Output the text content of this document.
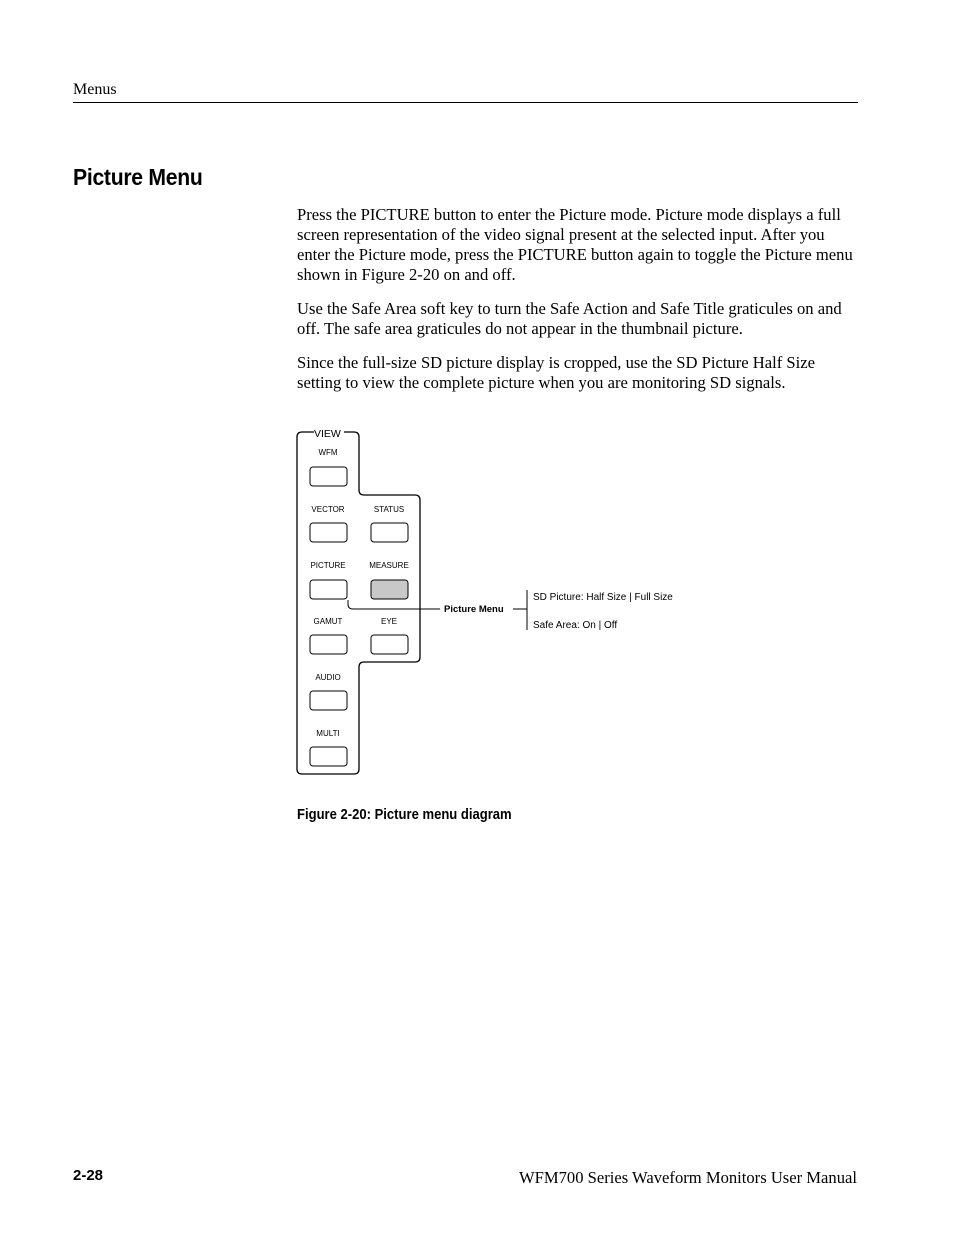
Menus
Picture Menu

Press the PICTURE button to enter the Picture mode. Picture mode displays a full screen representation of the video signal present at the selected input. After you enter the Picture mode, press the PICTURE button again to toggle the Picture menu shown in Figure 2-20 on and off.

Use the Safe Area soft key to turn the Safe Action and Safe Title graticules on and off. The safe area graticules do not appear in the thumbnail picture.

Since the full-size SD picture display is cropped, use the SD Picture Half Size setting to view the complete picture when you are monitoring SD signals.

VIEW
WFM
VECTOR	STATUS
PICTURE	MEASURE
GAMUT	EYE
AUDIO
MULTI
Picture Menu
SD Picture: Half Size | Full Size
Safe Area: On | Off
Figure 2-20: Picture menu diagram
2-28	WFM700 Series Waveform Monitors User Manual
